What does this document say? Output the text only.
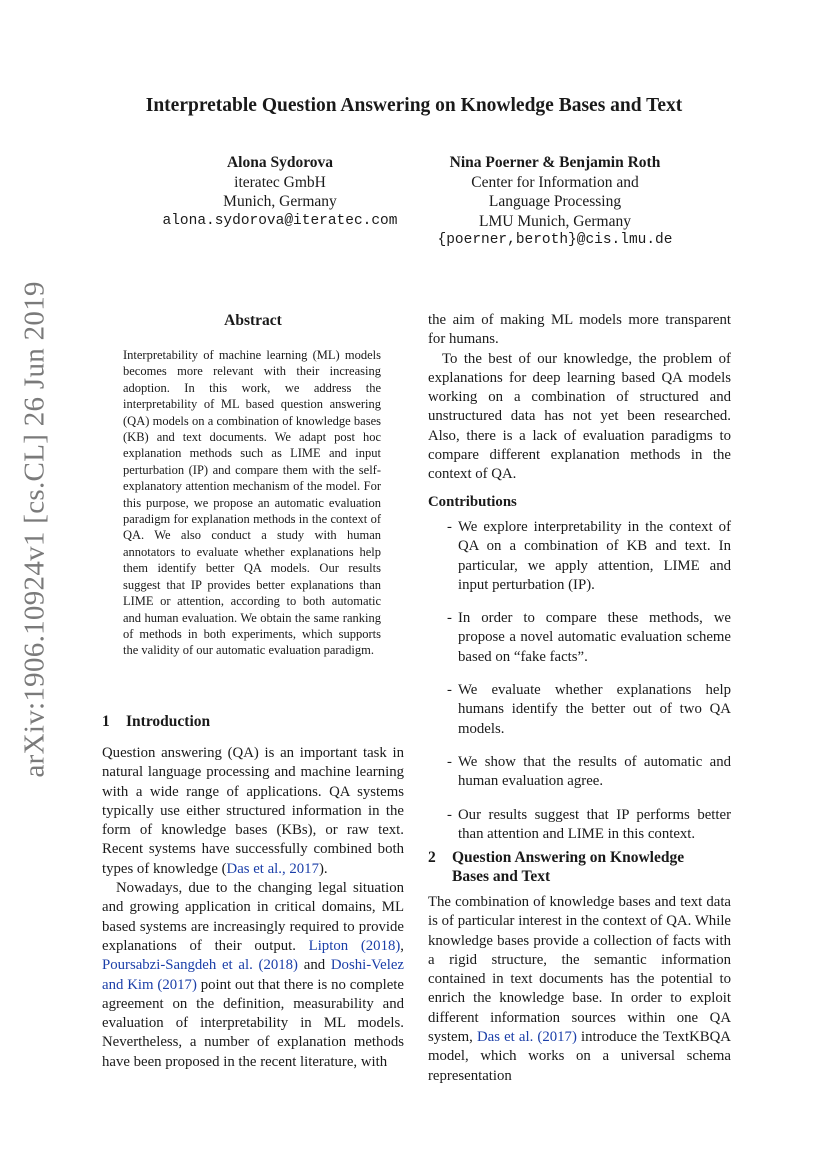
Interpretable Question Answering on Knowledge Bases and Text
Alona Sydorova
iteratec GmbH
Munich, Germany
alona.sydorova@iteratec.com
Nina Poerner & Benjamin Roth
Center for Information and
Language Processing
LMU Munich, Germany
{poerner,beroth}@cis.lmu.de
arXiv:1906.10924v1 [cs.CL] 26 Jun 2019	Abstract
Interpretability of machine learning (ML) models becomes more relevant with their increasing adoption. In this work, we address the interpretability of ML based question answering (QA) models on a combination of knowledge bases (KB) and text documents. We adapt post hoc explanation methods such as LIME and input perturbation (IP) and compare them with the self-explanatory attention mechanism of the model. For this purpose, we propose an automatic evaluation paradigm for explanation methods in the context of QA. We also conduct a study with human annotators to evaluate whether explanations help them identify better QA models. Our results suggest that IP provides better explanations than LIME or attention, according to both automatic and human evaluation. We obtain the same ranking of methods in both experiments, which supports the validity of our automatic evaluation paradigm.
1 Introduction

Question answering (QA) is an important task in natural language processing and machine learning with a wide range of applications. QA systems typically use either structured information in the form of knowledge bases (KBs), or raw text. Recent systems have successfully combined both types of knowledge (Das et al., 2017).

Nowadays, due to the changing legal situation and growing application in critical domains, ML based systems are increasingly required to provide explanations of their output. Lipton (2018), Poursabzi-Sangdeh et al. (2018) and Doshi-Velez and Kim (2017) point out that there is no complete agreement on the definition, measurability and evaluation of interpretability in ML models. Nevertheless, a number of explanation methods have been proposed in the recent literature, with

the aim of making ML models more transparent for humans.

To the best of our knowledge, the problem of explanations for deep learning based QA models working on a combination of structured and unstructured data has not yet been researched. Also, there is a lack of evaluation paradigms to compare different explanation methods in the context of QA.

Contributions
- We explore interpretability in the context of QA on a combination of KB and text. In particular, we apply attention, LIME and input perturbation (IP).
- In order to compare these methods, we propose a novel automatic evaluation scheme based on “fake facts”.
- We evaluate whether explanations help humans identify the better out of two QA models.
- We show that the results of automatic and human evaluation agree.
- Our results suggest that IP performs better than attention and LIME in this context.
2	Question Answering on Knowledge Bases and Text

The combination of knowledge bases and text data is of particular interest in the context of QA. While knowledge bases provide a collection of facts with a rigid structure, the semantic information contained in text documents has the potential to enrich the knowledge base. In order to exploit different information sources within one QA system, Das et al. (2017) introduce the TextKBQA model, which works on a universal schema representation
